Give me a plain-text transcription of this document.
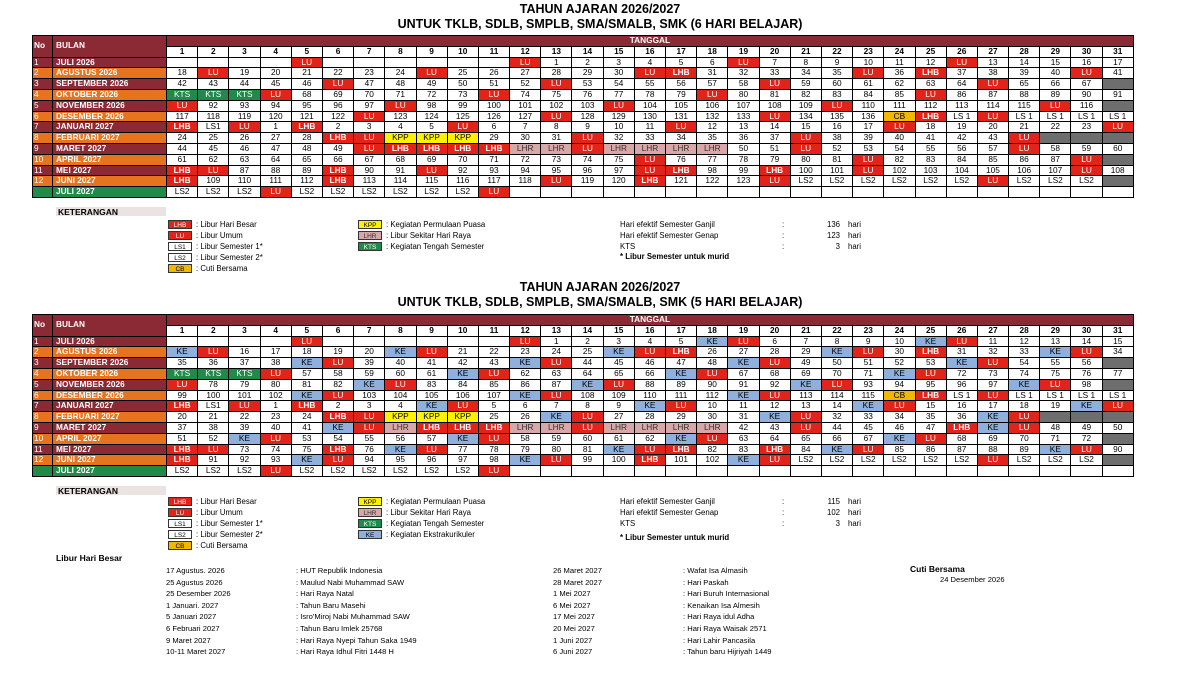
TAHUN AJARAN 2026/2027
UNTUK TKLB, SDLB, SMPLB, SMA/SMALB, SMK (6 HARI BELAJAR)
No	BULAN	TANGGAL																														
		1	2	3	4	5	6	7	8	9	10	11	12	13	14	15	16	17	18	19	20	21	22	23	24	25	26	27	28	29	30	31
1	JULI 2026					LU							LU	1	2	3	4	5	6	LU	7	8	9	10	11	12	LU	13	14	15	16	17
2	AGUSTUS 2026	18	LU	19	20	21	22	23	24	LU	25	26	27	28	29	30	LU	LHB	31	32	33	34	35	LU	36	LHB	37	38	39	40	LU	41
3	SEPTEMBER 2026	42	43	44	45	46	LU	47	48	49	50	51	52	LU	53	54	55	56	57	58	LU	59	60	61	62	63	64	LU	65	66	67	
4	OKTOBER 2026	KTS	KTS	KTS	LU	68	69	70	71	72	73	LU	74	75	76	77	78	79	LU	80	81	82	83	84	85	LU	86	87	88	89	90	91
5	NOVEMBER 2026	LU	92	93	94	95	96	97	LU	98	99	100	101	102	103	LU	104	105	106	107	108	109	LU	110	111	112	113	114	115	LU	116	
6	DESEMBER 2026	117	118	119	120	121	122	LU	123	124	125	126	127	LU	128	129	130	131	132	133	LU	134	135	136	CB	LHB	LS 1	LU	LS 1	LS 1	LS 1	LS 1
7	JANUARI 2027	LHB	LS1	LU	1	LHB	2	3	4	5	LU	6	7	8	9	10	11	LU	12	13	14	15	16	17	LU	18	19	20	21	22	23	LU
8	FEBRUARI 2027	24	25	26	27	28	LHB	LU	KPP	KPP	KPP	29	30	31	LU	32	33	34	35	36	37	LU	38	39	40	41	42	43	LU			
9	MARET 2027	44	45	46	47	48	49	LU	LHB	LHB	LHB	LHB	LHR	LHR	LU	LHR	LHR	LHR	LHR	50	51	LU	52	53	54	55	56	57	LU	58	59	60
10	APRIL 2027	61	62	63	64	65	66	67	68	69	70	71	72	73	74	75	LU	76	77	78	79	80	81	LU	82	83	84	85	86	87	LU	
11	MEI 2027	LHB	LU	87	88	89	LHB	90	91	LU	92	93	94	95	96	97	LU	LHB	98	99	LHB	100	101	LU	102	103	104	105	106	107	LU	108
12	JUNI 2027	LHB	109	110	111	112	LHB	113	114	115	116	117	118	LU	119	120	LHB	121	122	123	LU	LS2	LS2	LS2	LS2	LS2	LS2	LU	LS2	LS2	LS2	
	JULI 2027	LS2	LS2	LS2	LU	LS2	LS2	LS2	LS2	LS2	LS2	LU																				
KETERANGAN
LHB	: Libur Hari Besar
LU	: Libur Umum
LS1	: Libur Semester 1*
LS2	: Libur Semester 2*
CB	: Cuti Bersama
KPP	: Kegiatan Permulaan Puasa
LHR	: Libur Sekitar Hari Raya
KTS	: Kegiatan Tengah Semester
Hari efektif Semester Ganjil	:	136 hari
Hari efektif Semester Genap	:	123 hari
KTS	:	3 hari
* Libur Semester untuk murid
TAHUN AJARAN 2026/2027
UNTUK TKLB, SDLB, SMPLB, SMA/SMALB, SMK (5 HARI BELAJAR)
No	BULAN	TANGGAL																														
		1	2	3	4	5	6	7	8	9	10	11	12	13	14	15	16	17	18	19	20	21	22	23	24	25	26	27	28	29	30	31
1	JULI 2026					LU							LU	1	2	3	4	5	KE	LU	6	7	8	9	10	KE	LU	11	12	13	14	15
2	AGUSTUS 2026	KE	LU	16	17	18	19	20	KE	LU	21	22	23	24	25	KE	LU	LHB	26	27	28	29	KE	LU	30	LHB	31	32	33	KE	LU	34
3	SEPTEMBER 2026	35	36	37	38	KE	LU	39	40	41	42	43	KE	LU	44	45	46	47	48	KE	LU	49	50	51	52	53	KE	LU	54	55	56	
4	OKTOBER 2026	KTS	KTS	KTS	LU	57	58	59	60	61	KE	LU	62	63	64	65	66	KE	LU	67	68	69	70	71	KE	LU	72	73	74	75	76	77
5	NOVEMBER 2026	LU	78	79	80	81	82	KE	LU	83	84	85	86	87	KE	LU	88	89	90	91	92	KE	LU	93	94	95	96	97	KE	LU	98	
6	DESEMBER 2026	99	100	101	102	KE	LU	103	104	105	106	107	KE	LU	108	109	110	111	112	KE	LU	113	114	115	CB	LHB	LS 1	LU	LS 1	LS 1	LS 1	LS 1
7	JANUARI 2027	LHB	LS1	LU	1	LHB	2	3	4	KE	LU	5	6	7	8	9	KE	LU	10	11	12	13	14	KE	LU	15	16	17	18	19	KE	LU
8	FEBRUARI 2027	20	21	22	23	24	LHB	LU	KPP	KPP	KPP	25	26	KE	LU	27	28	29	30	31	KE	LU	32	33	34	35	36	KE	LU			
9	MARET 2027	37	38	39	40	41	KE	LU	LHR	LHB	LHB	LHB	LHR	LHR	LU	LHR	LHR	LHR	LHR	42	43	LU	44	45	46	47	LHB	KE	LU	48	49	50
10	APRIL 2027	51	52	KE	LU	53	54	55	56	57	KE	LU	58	59	60	61	62	KE	LU	63	64	65	66	67	KE	LU	68	69	70	71	72	
11	MEI 2027	LHB	LU	73	74	75	LHB	76	KE	LU	77	78	79	80	81	KE	LU	LHB	82	83	LHB	84	KE	LU	85	86	87	88	89	KE	LU	90
12	JUNI 2027	LHB	91	92	93	KE	LU	94	95	96	97	98	KE	LU	99	100	LHB	101	102	KE	LU	LS2	LS2	LS2	LS2	LS2	LS2	LU	LS2	LS2	LS2	
	JULI 2027	LS2	LS2	LS2	LU	LS2	LS2	LS2	LS2	LS2	LS2	LU																				
KETERANGAN
LHB	: Libur Hari Besar
LU	: Libur Umum
LS1	: Libur Semester 1*
LS2	: Libur Semester 2*
CB	: Cuti Bersama
KPP	: Kegiatan Permulaan Puasa
LHR	: Libur Sekitar Hari Raya
KTS	: Kegiatan Tengah Semester
KE	: Kegiatan Ekstrakurikuler
Hari efektif Semester Ganjil	:	115 hari
Hari efektif Semester Genap	:	102 hari
KTS	:	3 hari
* Libur Semester untuk murid
Libur Hari Besar
17 Agustus. 2026	: HUT Republik Indonesia
25 Agustus 2026	: Maulud Nabi Muhammad SAW
25 Desember 2026	: Hari Raya Natal
1 Januari. 2027	: Tahun Baru Masehi
5 Januari 2027	: Isro'Miroj Nabi Muhammad SAW
6 Februari 2027	: Tahun Baru Imlek 25768
9 Maret 2027	: Hari Raya Nyepi Tahun Saka 1949
10-11 Maret 2027	: Hari Raya Idhul Fitri 1448 H
26 Maret 2027	: Wafat Isa Almasih
28 Maret 2027	: Hari Paskah
1 Mei 2027	: Hari Buruh Internasional
6 Mei 2027	: Kenaikan Isa Almesih
17 Mei 2027	: Hari Raya idul Adha
20 Mei 2027	: Hari Raya Waisak 2571
1 Juni 2027	: Hari Lahir Pancasila
6 Juni 2027	: Tahun baru Hijriyah 1449
Cuti Bersama
24 Desember 2026
